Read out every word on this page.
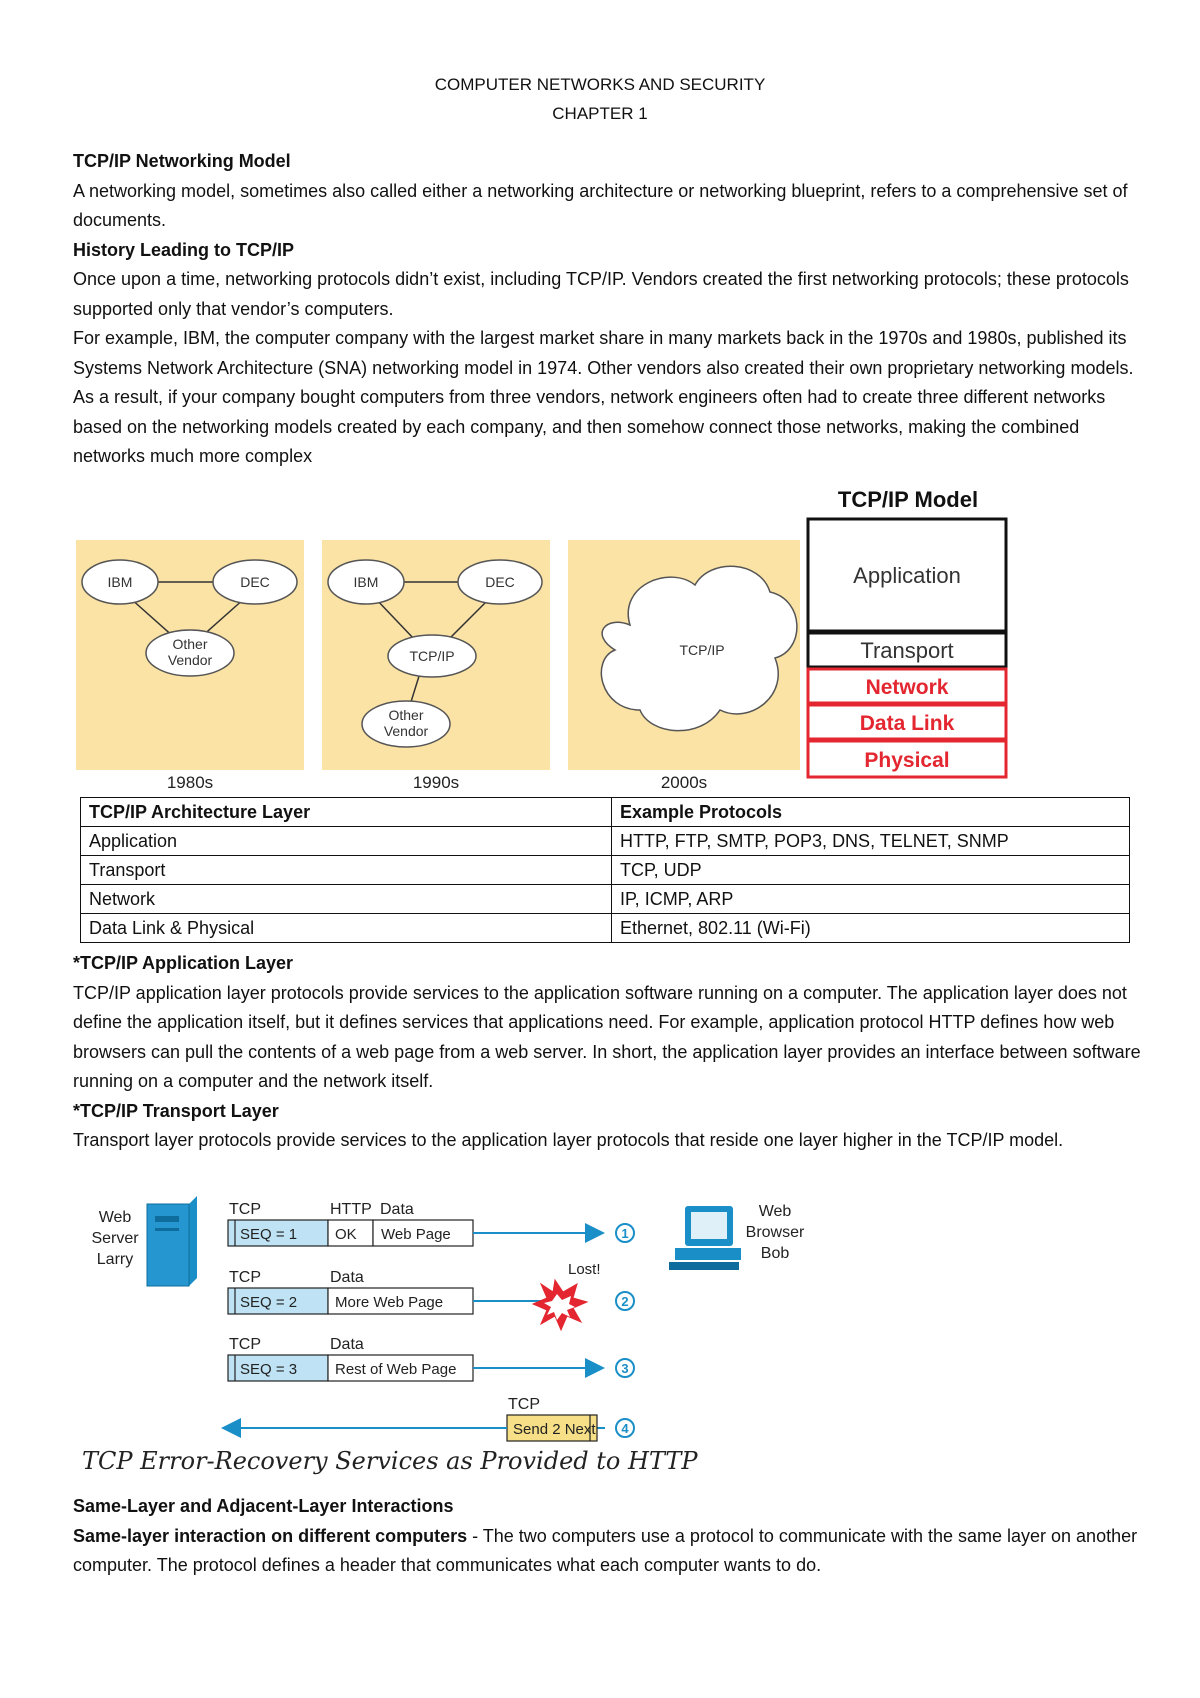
COMPUTER NETWORKS AND SECURITY
CHAPTER 1

TCP/IP Networking Model

A networking model, sometimes also called either a networking architecture or networking blueprint, refers to a comprehensive set of documents.

History Leading to TCP/IP

Once upon a time, networking protocols didn’t exist, including TCP/IP. Vendors created the first networking protocols; these protocols supported only that vendor’s computers.

For example, IBM, the computer company with the largest market share in many markets back in the 1970s and 1980s, published its Systems Network Architecture (SNA) networking model in 1974. Other vendors also created their own proprietary networking models. As a result, if your company bought computers from three vendors, network engineers often had to create three different networks based on the networking models created by each company, and then somehow connect those networks, making the combined networks much more complex

IBM	DEC
Other
Vendor
IBM	DEC
TCP/IP
Other
Vendor
TCP/IP
1980s	1990s	2000s
TCP/IP Model
Application
Transport
Network
Data Link
Physical
TCP/IP Architecture Layer	Example Protocols
Application	HTTP, FTP, SMTP, POP3, DNS, TELNET, SNMP
Transport	TCP, UDP
Network	IP, ICMP, ARP
Data Link & Physical	Ethernet, 802.11 (Wi-Fi)

*TCP/IP Application Layer

TCP/IP application layer protocols provide services to the application software running on a computer. The application layer does not define the application itself, but it defines services that applications need. For example, application protocol HTTP defines how web browsers can pull the contents of a web page from a web server. In short, the application layer provides an interface between software running on a computer and the network itself.

*TCP/IP Transport Layer

Transport layer protocols provide services to the application layer protocols that reside one layer higher in the TCP/IP model.

Web
Server
Larry
Web
Browser
Bob
TCP	HTTP Data
SEQ = 1	OK Web Page	1
TCP	Data
SEQ = 2	More Web Page
Lost!
2
TCP	Data
SEQ = 3	Rest of Web Page	3
TCP
Send 2 Next 4
TCP Error-Recovery Services as Provided to HTTP

Same-Layer and Adjacent-Layer Interactions

Same-layer interaction on different computers - The two computers use a protocol to communicate with the same layer on another computer. The protocol defines a header that communicates what each computer wants to do.
